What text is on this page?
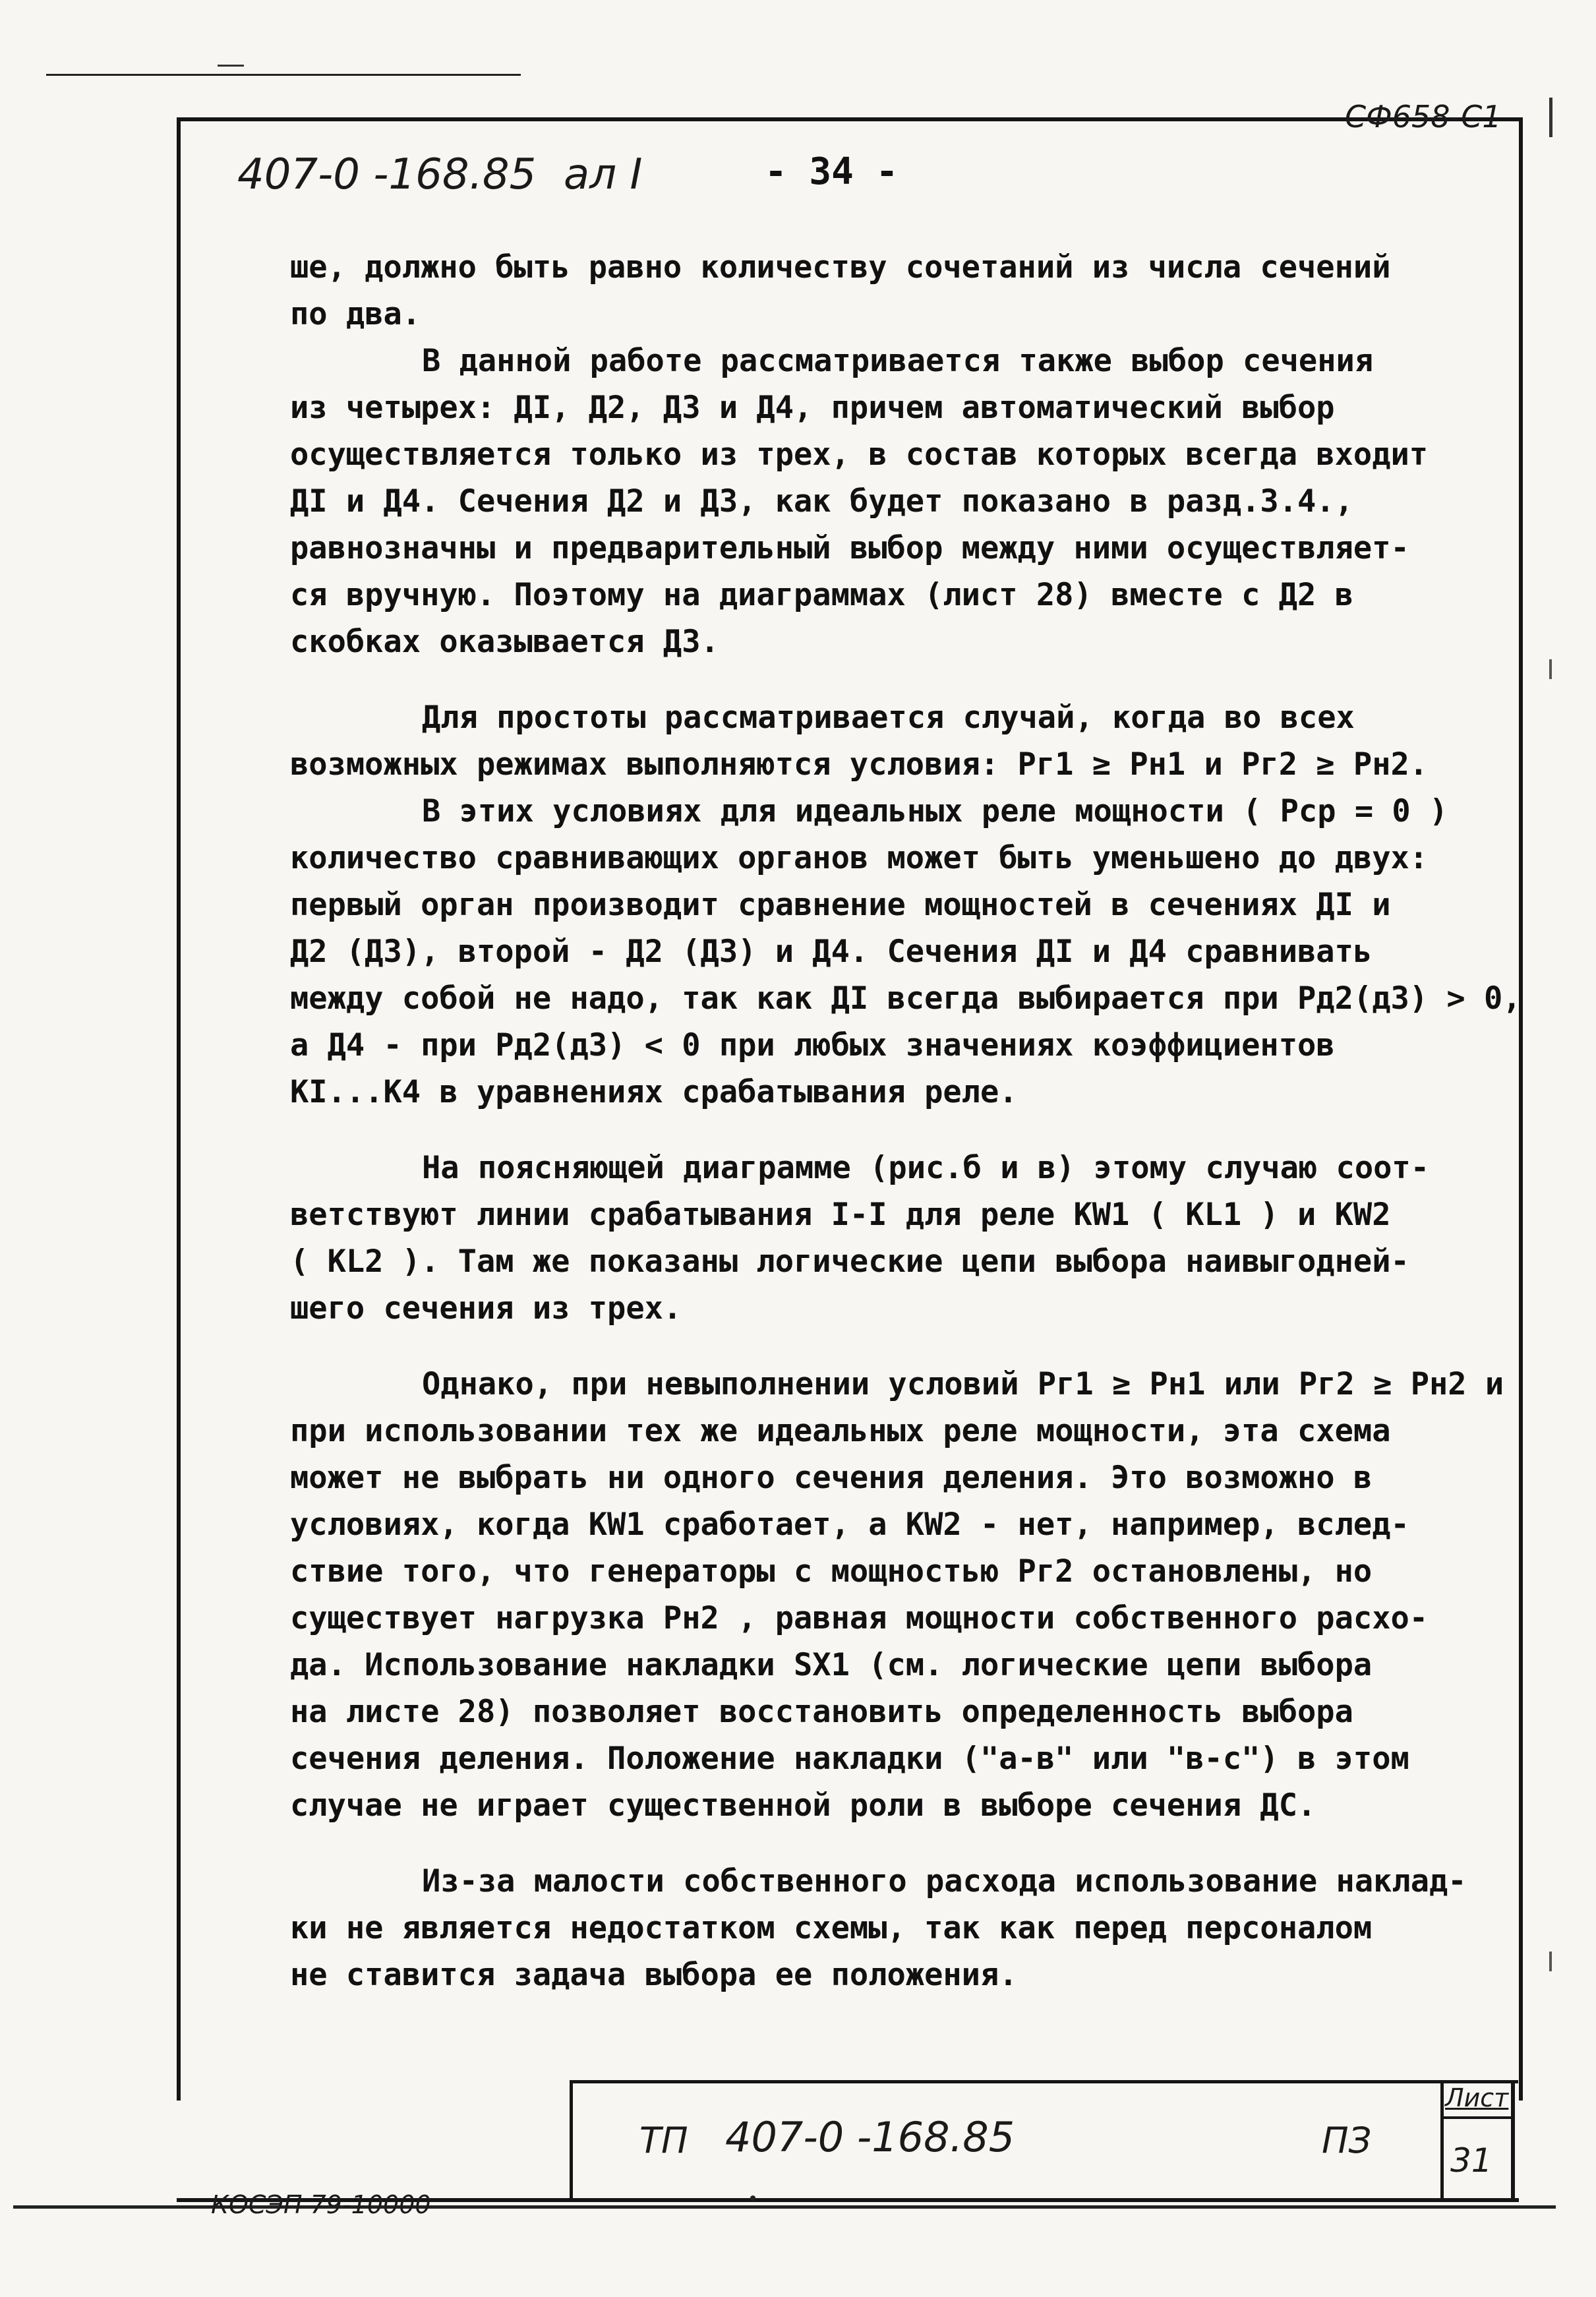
СФ658-С1
407-0 -168.85 ал I	- 34 -
ше, должно быть равно количеству сочетаний из числа сечений
по два.
В данной работе рассматривается также выбор сечения
из четырех: ДI, Д2, Д3 и Д4, причем автоматический выбор
осуществляется только из трех, в состав которых всегда входит
ДI и Д4. Сечения Д2 и Д3, как будет показано в разд.3.4.,
равнозначны и предварительный выбор между ними осуществляет-
ся вручную. Поэтому на диаграммах (лист 28) вместе с Д2 в
скобках оказывается Д3.
Для простоты рассматривается случай, когда во всех
возможных режимах выполняются условия: Pг1 ≥ Pн1 и Pг2 ≥ Pн2.
В этих условиях для идеальных реле мощности ( Pср = 0 )
количество сравнивающих органов может быть уменьшено до двух:
первый орган производит сравнение мощностей в сечениях ДI и
Д2 (Д3), второй - Д2 (Д3) и Д4. Сечения ДI и Д4 сравнивать
между собой не надо, так как ДI всегда выбирается при Pд2(д3) > 0,
а Д4 - при Pд2(д3) < 0 при любых значениях коэффициентов
КI...К4 в уравнениях срабатывания реле.
На поясняющей диаграмме (рис.б и в) этому случаю соот-
ветствуют линии срабатывания I-I для реле KW1 ( KL1 ) и KW2
( KL2 ). Там же показаны логические цепи выбора наивыгодней-
шего сечения из трех.
Однако, при невыполнении условий Pг1 ≥ Pн1 или Pг2 ≥ Pн2 и
при использовании тех же идеальных реле мощности, эта схема
может не выбрать ни одного сечения деления. Это возможно в
условиях, когда KW1 сработает, а KW2 - нет, например, вслед-
ствие того, что генераторы с мощностью Pг2 остановлены, но
существует нагрузка Pн2 , равная мощности собственного расхо-
да. Использование накладки SX1 (см. логические цепи выбора
на листе 28) позволяет восстановить определенность выбора
сечения деления. Положение накладки ("а-в" или "в-с") в этом
случае не играет существенной роли в выборе сечения ДС.
Из-за малости собственного расхода использование наклад-
ки не является недостатком схемы, так как перед персоналом
не ставится задача выбора ее положения.
ТП 407-0 -168.85	ПЗ
Лист
31
КОСЭП 79-10000
